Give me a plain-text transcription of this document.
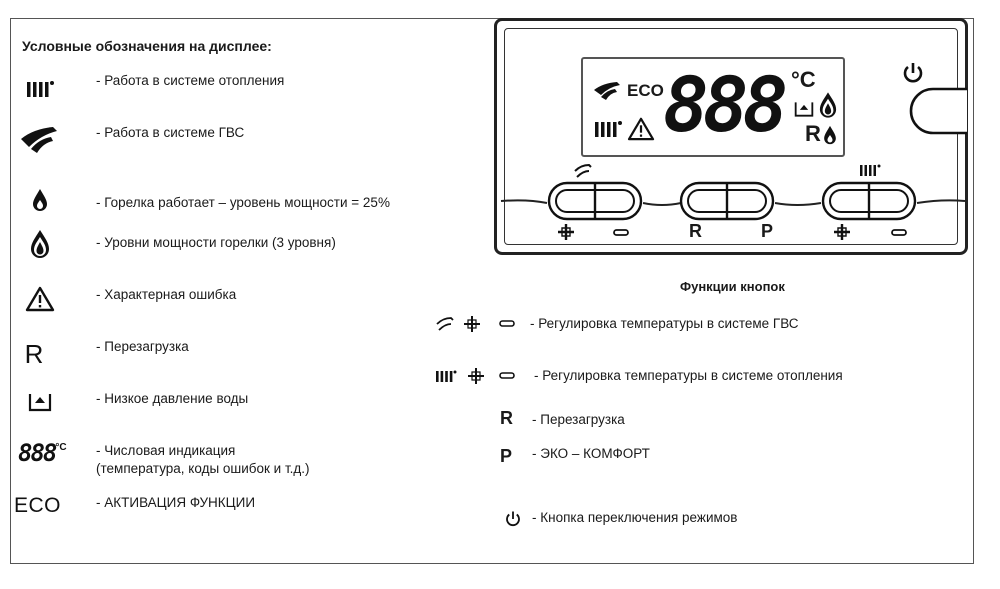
Условные обозначения на дисплее:
- Работа в системе отопления
- Работа в системе ГВС
- Горелка работает – уровень мощности = 25%
- Уровни мощности горелки (3 уровня)
- Характерная ошибка
R	- Перезагрузка
- Низкое давление воды
888 °C - Числовая индикация
(температура, коды ошибок и т.д.)
ECO	- АКТИВАЦИЯ ФУНКЦИИ
ECO 888 °C
R
R	P
Функции кнопок
- Регулировка температуры в системе ГВС
- Регулировка температуры в системе отопления
R - Перезагрузка
P - ЭКО – КОМФОРТ
- Кнопка переключения режимов
